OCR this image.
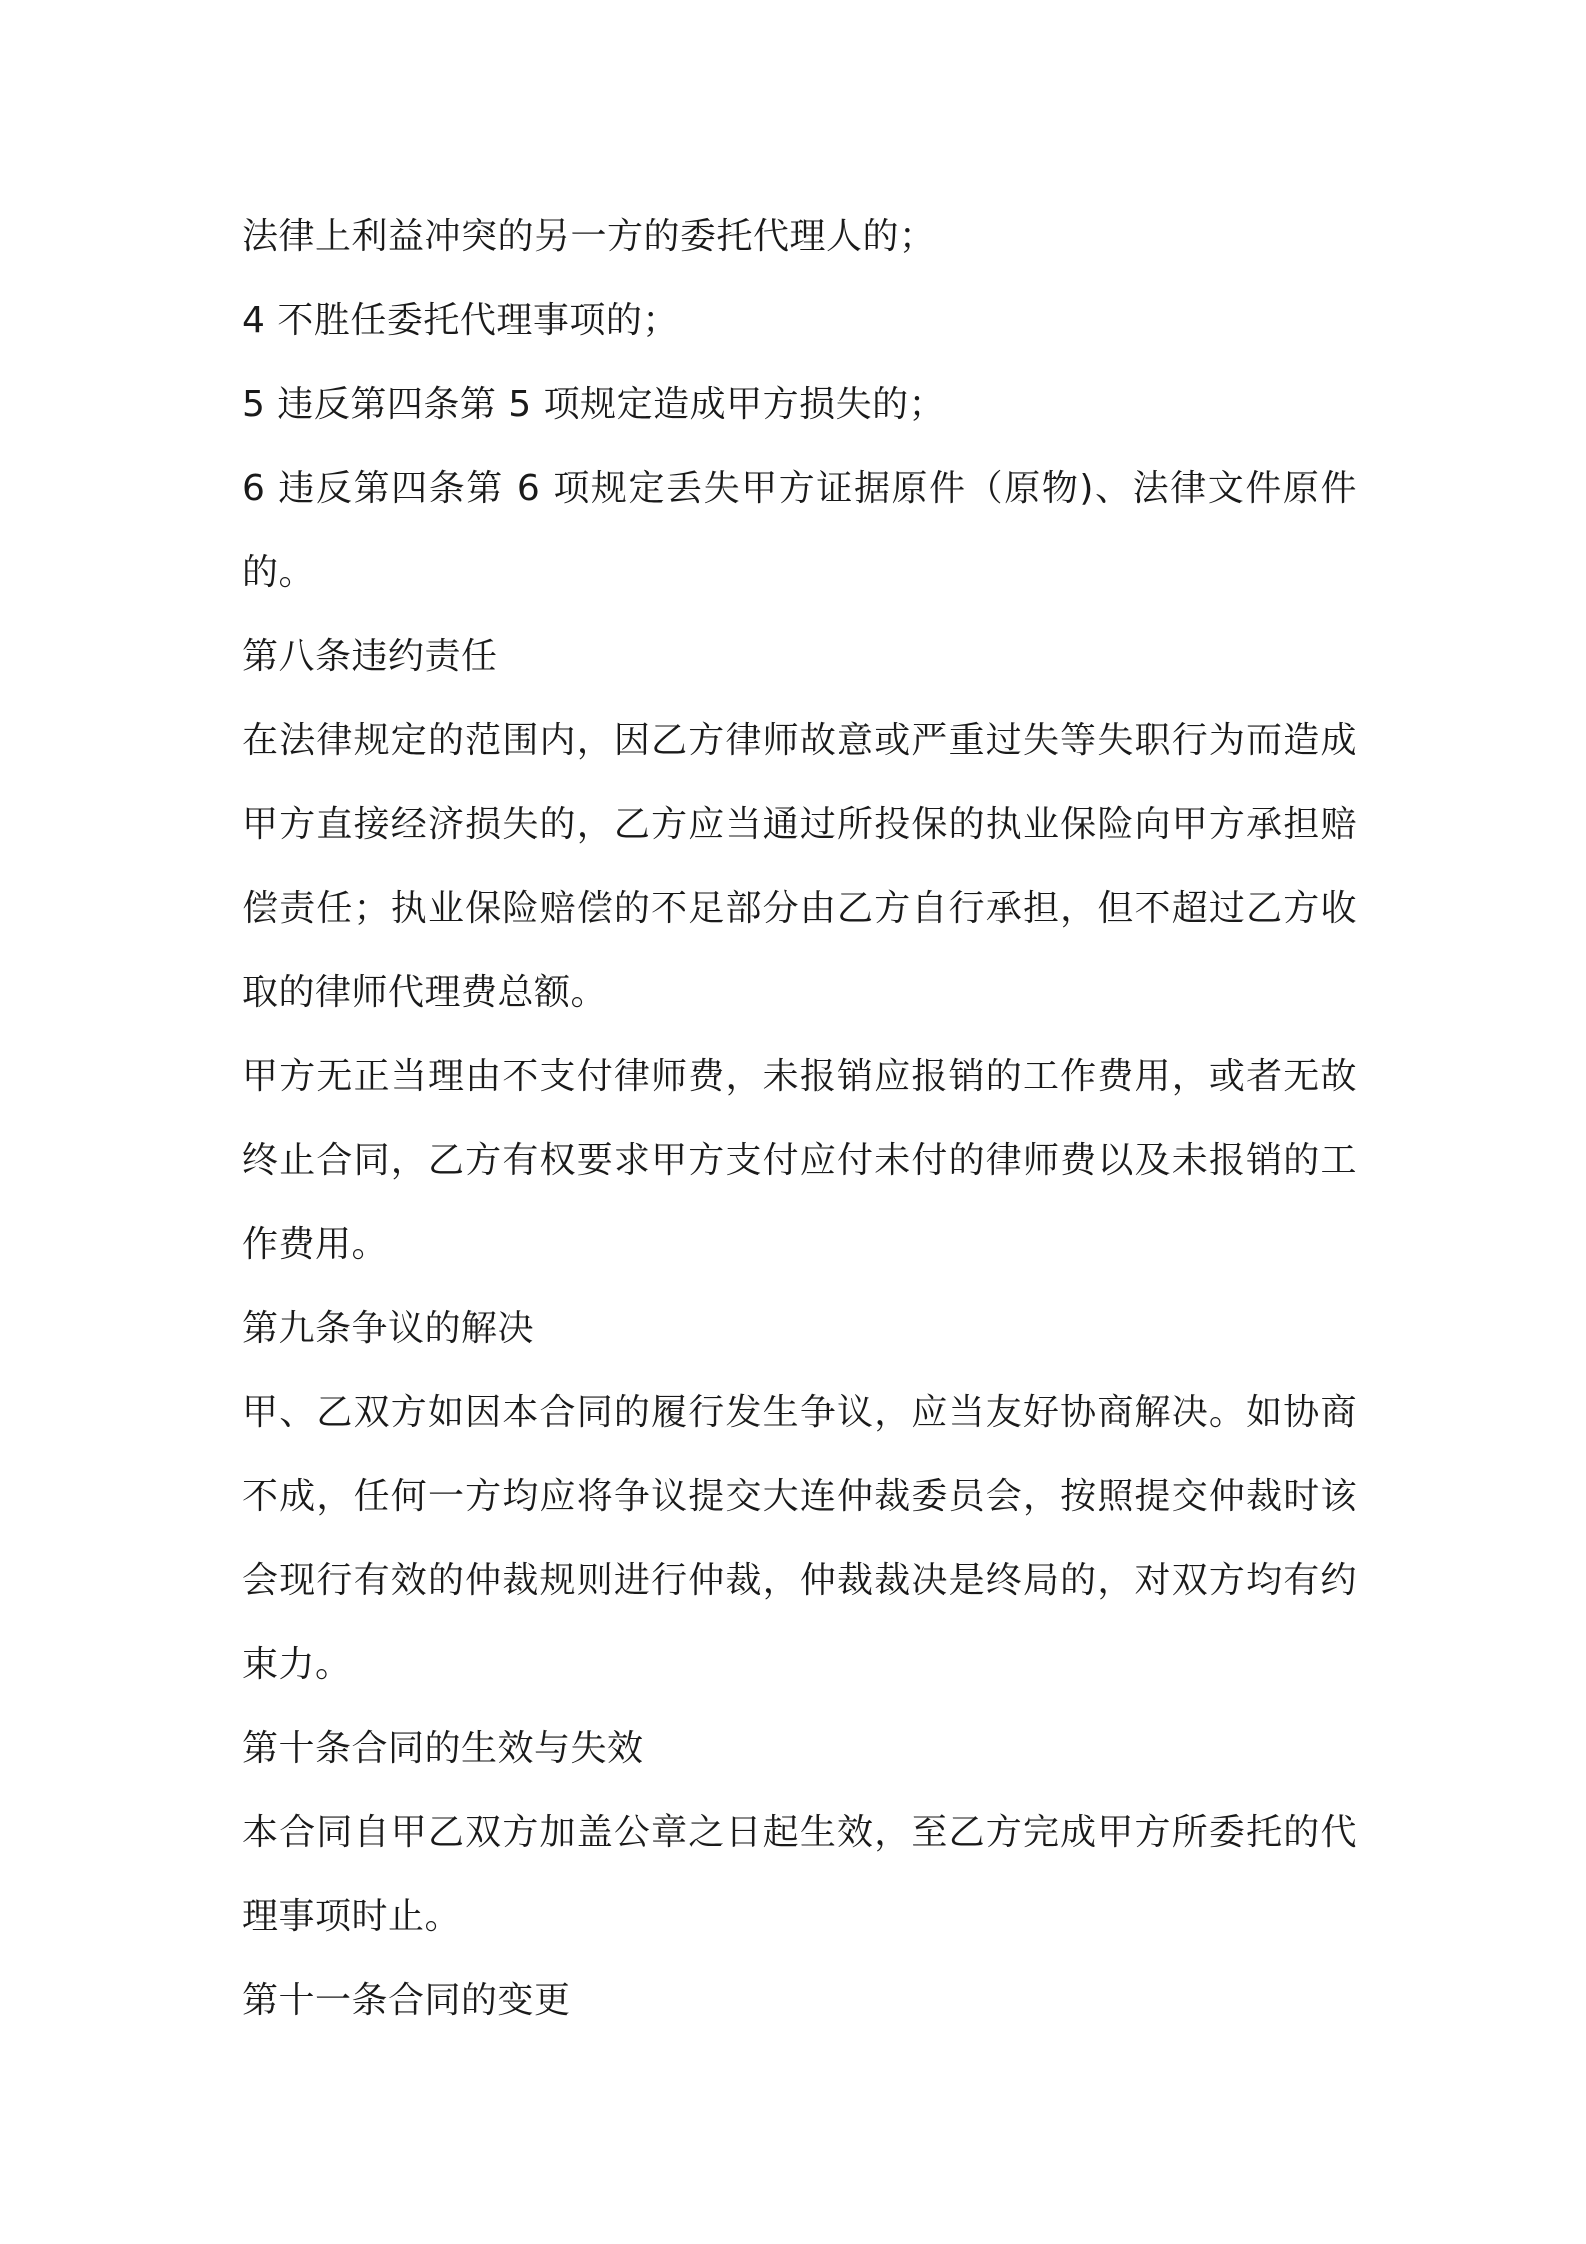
法律上利益冲突的另一方的委托代理人的；

4 不胜任委托代理事项的；

5 违反第四条第 5 项规定造成甲方损失的；

6 违反第四条第 6 项规定丢失甲方证据原件（原物)、法律文件原件的。

第八条违约责任

在法律规定的范围内，因乙方律师故意或严重过失等失职行为而造成甲方直接经济损失的，乙方应当通过所投保的执业保险向甲方承担赔偿责任；执业保险赔偿的不足部分由乙方自行承担，但不超过乙方收取的律师代理费总额。

甲方无正当理由不支付律师费，未报销应报销的工作费用，或者无故终止合同，乙方有权要求甲方支付应付未付的律师费以及未报销的工作费用。

第九条争议的解决

甲、乙双方如因本合同的履行发生争议，应当友好协商解决。如协商不成，任何一方均应将争议提交大连仲裁委员会，按照提交仲裁时该会现行有效的仲裁规则进行仲裁，仲裁裁决是终局的，对双方均有约束力。

第十条合同的生效与失效

本合同自甲乙双方加盖公章之日起生效，至乙方完成甲方所委托的代理事项时止。

第十一条合同的变更
